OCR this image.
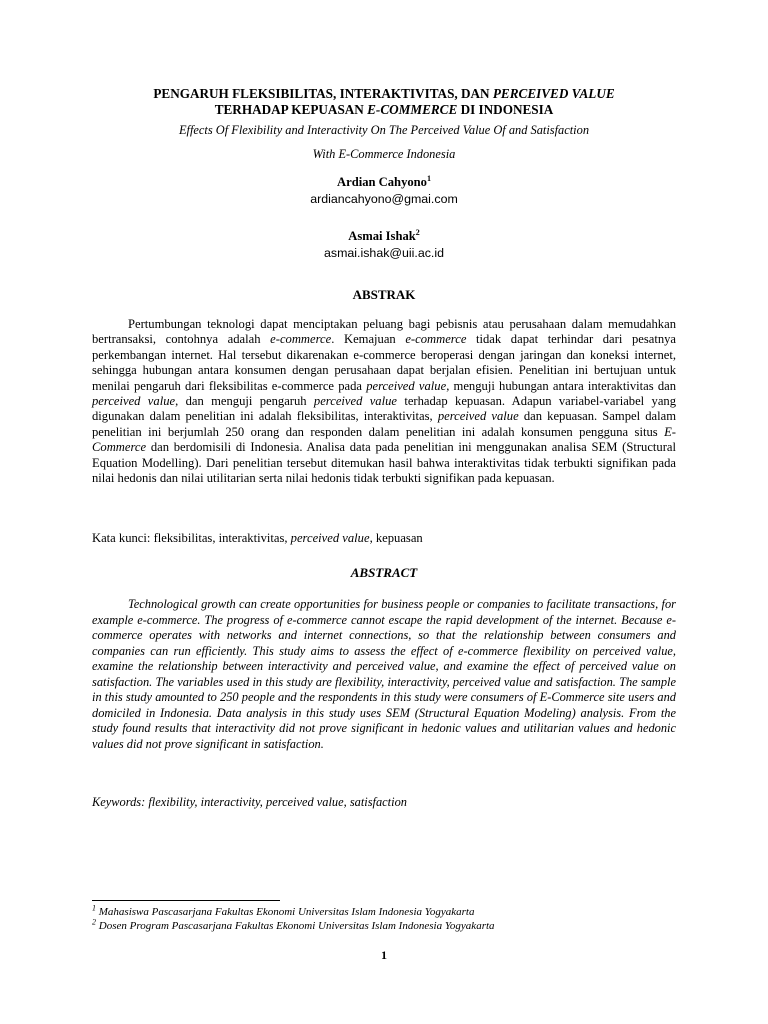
PENGARUH FLEKSIBILITAS, INTERAKTIVITAS, DAN PERCEIVED VALUE

TERHADAP KEPUASAN E-COMMERCE DI INDONESIA

Effects Of Flexibility and Interactivity On The Perceived Value Of and Satisfaction

With E-Commerce Indonesia

Ardian Cahyono$^1$
ardiancahyono@gmai.com
Asmai Ishak$^2$
asmai.ishak@uii.ac.id
ABSTRAK

Pertumbungan teknologi dapat menciptakan peluang bagi pebisnis atau perusahaan dalam memudahkan bertransaksi, contohnya adalah e-commerce. Kemajuan e-commerce tidak dapat terhindar dari pesatnya perkembangan internet. Hal tersebut dikarenakan e-commerce beroperasi dengan jaringan dan koneksi internet, sehingga hubungan antara konsumen dengan perusahaan dapat berjalan efisien. Penelitian ini bertujuan untuk menilai pengaruh dari fleksibilitas e-commerce pada perceived value, menguji hubungan antara interaktivitas dan perceived value, dan menguji pengaruh perceived value terhadap kepuasan. Adapun variabel-variabel yang digunakan dalam penelitian ini adalah fleksibilitas, interaktivitas, perceived value dan kepuasan. Sampel dalam penelitian ini berjumlah 250 orang dan responden dalam penelitian ini adalah konsumen pengguna situs E-Commerce dan berdomisili di Indonesia. Analisa data pada penelitian ini menggunakan analisa SEM (Structural Equation Modelling). Dari penelitian tersebut ditemukan hasil bahwa interaktivitas tidak terbukti signifikan pada nilai hedonis dan nilai utilitarian serta nilai hedonis tidak terbukti signifikan pada kepuasan.

Kata kunci: fleksibilitas, interaktivitas, perceived value, kepuasan
ABSTRACT

Technological growth can create opportunities for business people or companies to facilitate transactions, for example e-commerce. The progress of e-commerce cannot escape the rapid development of the internet. Because e-commerce operates with networks and internet connections, so that the relationship between consumers and companies can run efficiently. This study aims to assess the effect of e-commerce flexibility on perceived value, examine the relationship between interactivity and perceived value, and examine the effect of perceived value on satisfaction. The variables used in this study are flexibility, interactivity, perceived value and satisfaction. The sample in this study amounted to 250 people and the respondents in this study were consumers of E-Commerce site users and domiciled in Indonesia. Data analysis in this study uses SEM (Structural Equation Modeling) analysis. From the study found results that interactivity did not prove significant in hedonic values and utilitarian values and hedonic values did not prove significant in satisfaction.

Keywords: flexibility, interactivity, perceived value, satisfaction
$^1$ Mahasiswa Pascasarjana Fakultas Ekonomi Universitas Islam Indonesia Yogyakarta
$^2$ Dosen Program Pascasarjana Fakultas Ekonomi Universitas Islam Indonesia Yogyakarta
1
